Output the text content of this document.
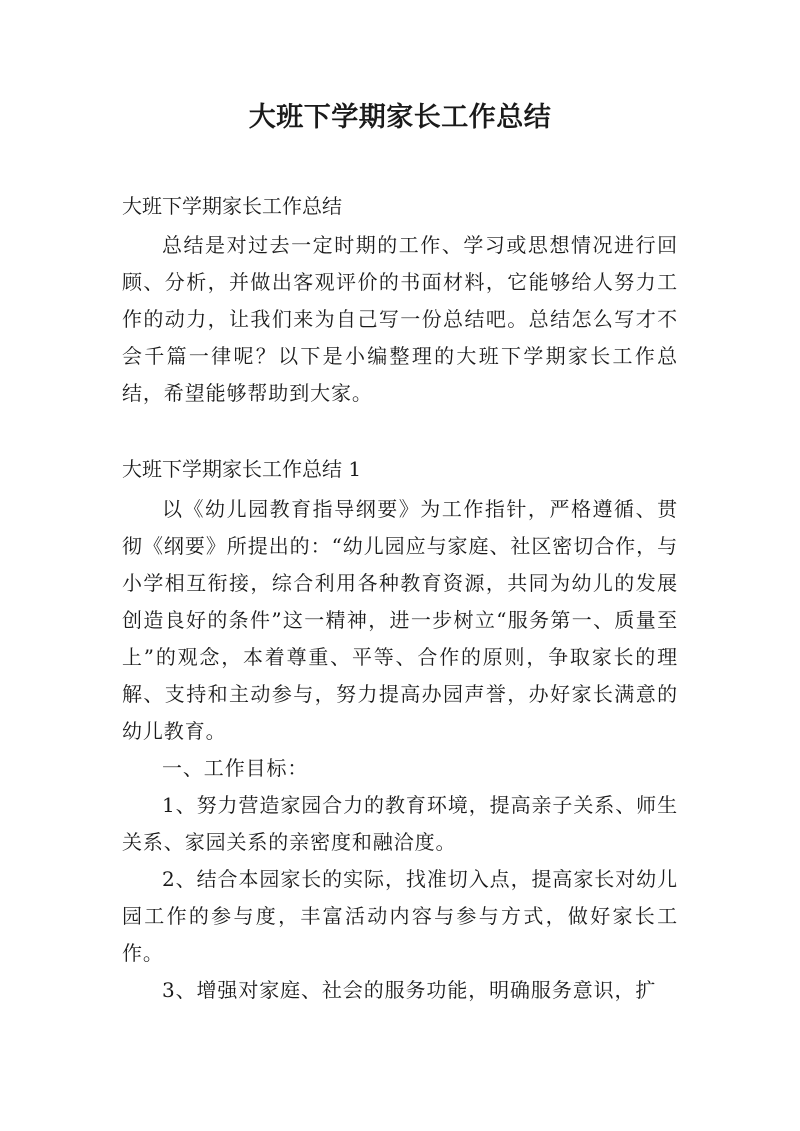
大班下学期家长工作总结
大班下学期家长工作总结

总结是对过去一定时期的工作、学习或思想情况进行回顾、分析，并做出客观评价的书面材料，它能够给人努力工作的动力，让我们来为自己写一份总结吧。总结怎么写才不会千篇一律呢？以下是小编整理的大班下学期家长工作总结，希望能够帮助到大家。

大班下学期家长工作总结 1

以《幼儿园教育指导纲要》为工作指针，严格遵循、贯彻《纲要》所提出的：“幼儿园应与家庭、社区密切合作，与小学相互衔接，综合利用各种教育资源，共同为幼儿的发展创造良好的条件”这一精神，进一步树立“服务第一、质量至上”的观念，本着尊重、平等、合作的原则，争取家长的理解、支持和主动参与，努力提高办园声誉，办好家长满意的幼儿教育。

一、工作目标：

1、努力营造家园合力的教育环境，提高亲子关系、师生关系、家园关系的亲密度和融洽度。

2、结合本园家长的实际，找准切入点，提高家长对幼儿园工作的参与度，丰富活动内容与参与方式，做好家长工作。

3、增强对家庭、社会的服务功能，明确服务意识，扩
